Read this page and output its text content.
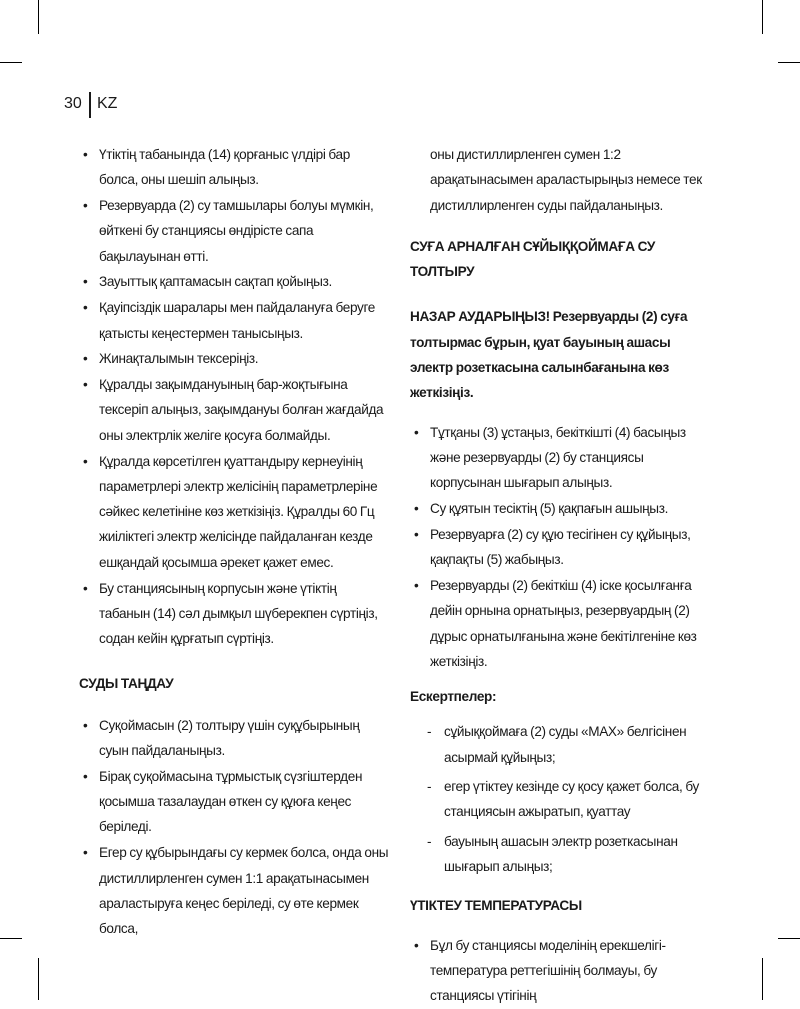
30 KZ
• Үтіктің табанында (14) қорғаныс үлдірі бар болса, оны шешіп алыңыз.
• Резервуарда (2) су тамшылары болуы мүмкін, өйткені бу станциясы өндірісте сапа бақылауынан өтті.
• Зауыттық қаптамасын сақтап қойыңыз.
• Қауіпсіздік шаралары мен пайдалануға беруге қатысты кеңестермен танысыңыз.
• Жинақталымын тексеріңіз.
• Құралды зақымдануының бар-жоқтығына тексеріп алыңыз, зақымдануы болған жағдайда оны электрлік желіге қосуға болмайды.
• Құралда көрсетілген қуаттандыру кернеуінің параметрлері электр желісінің параметрлеріне сәйкес келетініне көз жеткізіңіз. Құралды 60 Гц жиіліктегі электр желісінде пайдаланған кезде ешқандай қосымша әрекет қажет емес.
• Бу станциясының корпусын және үтіктің табанын (14) сәл дымқыл шүберекпен сүртіңіз, содан кейін құрғатып сүртіңіз.

СУДЫ ТАҢДАУ

• Суқоймасын (2) толтыру үшін суқұбырының суын пайдаланыңыз.
• Бірақ суқоймасына тұрмыстық сүзгіштерден қосымша тазалаудан өткен су құюға кеңес беріледі.
• Егер су құбырындағы су кермек болса, онда оны дистиллирленген сумен 1:1 арақатынасымен араластыруға кеңес беріледі, су өте кермек болса,

оны дистиллирленген сумен 1:2 арақатынасымен араластырыңыз немесе тек дистиллирленген суды пайдаланыңыз.

СУҒА АРНАЛҒАН СҰЙЫҚҚОЙМАҒА СУ ТОЛТЫРУ

НАЗАР АУДАРЫҢЫЗ! Резервуарды (2) суға толтырмас бұрын, қуат бауының ашасы электр розеткасына салынбағанына көз жеткізіңіз.

• Тұтқаны (3) ұстаңыз, бекіткішті (4) басыңыз және резервуарды (2) бу станциясы корпусынан шығарып алыңыз.
• Су құятын тесіктің (5) қақпағын ашыңыз.
• Резервуарға (2) су құю тесігінен су құйыңыз, қақпақты (5) жабыңыз.
• Резервуарды (2) бекіткіш (4) іске қосылғанға дейін орнына орнатыңыз, резервуардың (2) дұрыс орнатылғанына және бекітілгеніне көз жеткізіңіз.

Ескертпелер:

- сұйыққоймаға (2) суды «MAX» белгісінен асырмай құйыңыз;
- егер үтіктеу кезінде су қосу қажет болса, бу станциясын ажыратып, қуаттау
- бауының ашасын электр розеткасынан шығарып алыңыз;

ҮТІКТЕУ ТЕМПЕРАТУРАСЫ

• Бұл бу станциясы моделінің ерекшелігі-температура реттегішінің болмауы, бу станциясы үтігінің
